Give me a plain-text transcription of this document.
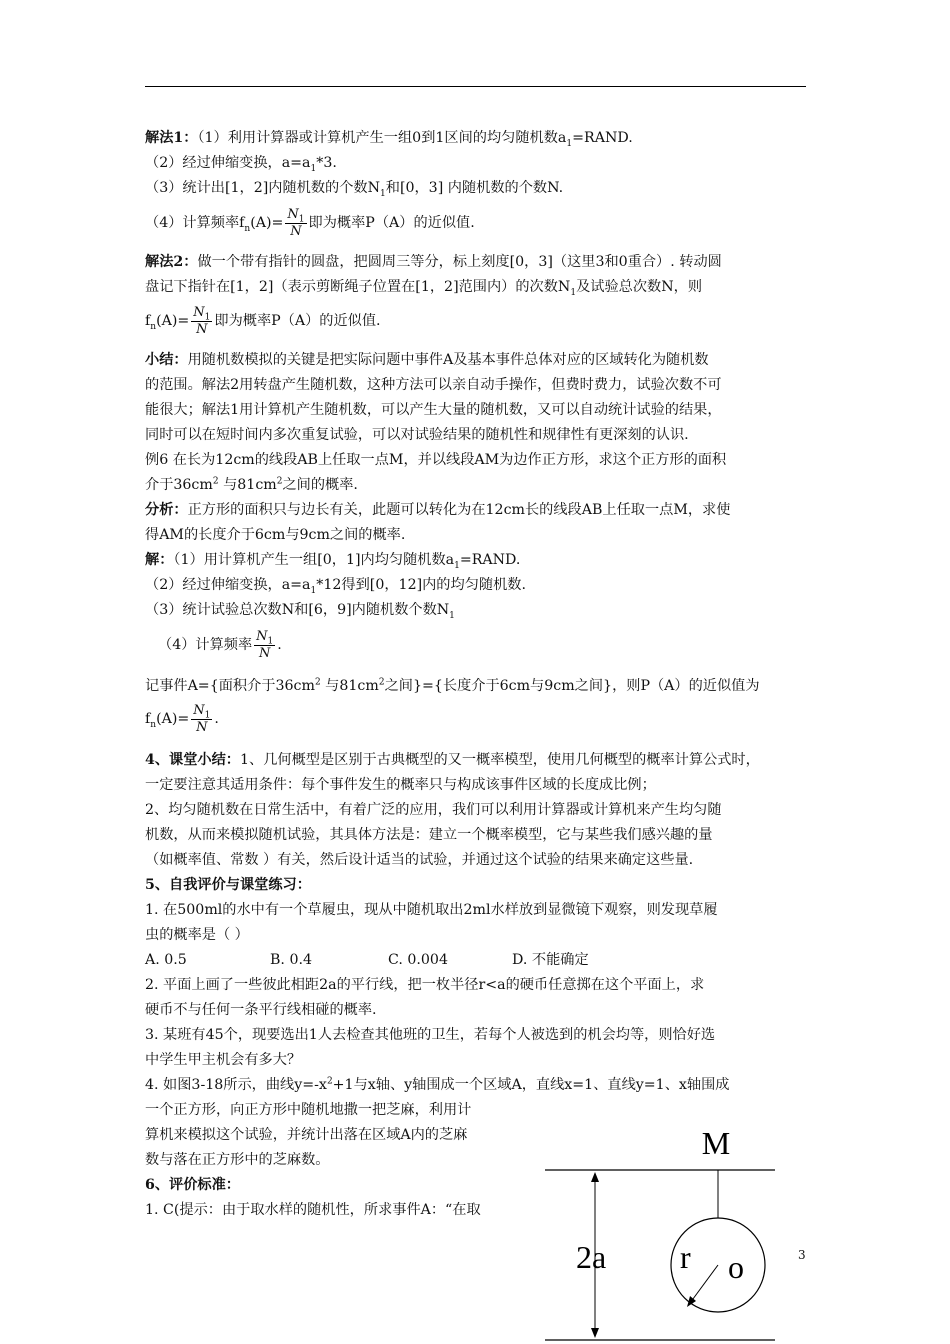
解法1：（1）利用计算器或计算机产生一组0到1区间的均匀随机数$a_1=RAND$.
（2）经过伸缩变换，$a=a_1*3$.
（3）统计出[1，2]内随机数的个数$N_1$和[0，3] 内随机数的个数N.
（4）计算频率$f_n(A)= \frac{N_1}{N}$ 即为概率P（A）的近似值.
解法2：做一个带有指针的圆盘，把圆周三等分，标上刻度[0，3]（这里3和0重合）. 转动圆
盘记下指针在[1，2]（表示剪断绳子位置在[1，2]范围内）的次数$N_1$及试验总次数N，则
$f_n(A)= \frac{N_1}{N}$ 即为概率P（A）的近似值.
小结：用随机数模拟的关键是把实际问题中事件A及基本事件总体对应的区域转化为随机数
的范围。解法2用转盘产生随机数，这种方法可以亲自动手操作，但费时费力，试验次数不可
能很大；解法1用计算机产生随机数，可以产生大量的随机数，又可以自动统计试验的结果，
同时可以在短时间内多次重复试验，可以对试验结果的随机性和规律性有更深刻的认识.
例6 在长为12cm的线段AB上任取一点M，并以线段AM为边作正方形，求这个正方形的面积
介于$36cm^2$ 与$81cm^2$之间的概率.
分析：正方形的面积只与边长有关，此题可以转化为在12cm长的线段AB上任取一点M，求使
得AM的长度介于6cm与9cm之间的概率.
解：（1）用计算机产生一组[0，1]内均匀随机数$a_1=RAND$.
（2）经过伸缩变换，$a=a_1*12$得到[0，12]内的均匀随机数.
（3）统计试验总次数N和[6，9]内随机数个数$N_1$
（4）计算频率 $\frac{N_1}{N}$ .
记事件A={面积介于$36cm^2$ 与$81cm^2$之间}={长度介于6cm与9cm之间}，则P（A）的近似值为
$f_n(A)= \frac{N_1}{N}$ .
4、课堂小结：1、几何概型是区别于古典概型的又一概率模型，使用几何概型的概率计算公式时，
一定要注意其适用条件：每个事件发生的概率只与构成该事件区域的长度成比例；
2、均匀随机数在日常生活中，有着广泛的应用，我们可以利用计算器或计算机来产生均匀随
机数，从而来模拟随机试验，其具体方法是：建立一个概率模型，它与某些我们感兴趣的量
（如概率值、常数 ）有关，然后设计适当的试验，并通过这个试验的结果来确定这些量.
5、自我评价与课堂练习：
1. 在500ml的水中有一个草履虫，现从中随机取出2ml水样放到显微镜下观察，则发现草履
虫的概率是（ ）
A. 0.5	B. 0.4	C. 0.004	D. 不能确定
2. 平面上画了一些彼此相距2a的平行线，把一枚半径r<a的硬币任意掷在这个平面上，求
硬币不与任何一条平行线相碰的概率.
3. 某班有45个，现要选出1人去检查其他班的卫生，若每个人被选到的机会均等，则恰好选
中学生甲主机会有多大？
4. 如图3-18所示，曲线$y=-x^2+1$与x轴、y轴围成一个区域A，直线x=1、直线y=1、x轴围成
一个正方形，向正方形中随机地撒一把芝麻，利用计
算机来模拟这个试验，并统计出落在区域A内的芝麻
数与落在正方形中的芝麻数。
6、评价标准：
1. C(提示：由于取水样的随机性，所求事件A：“在取
M
2a r o	3
